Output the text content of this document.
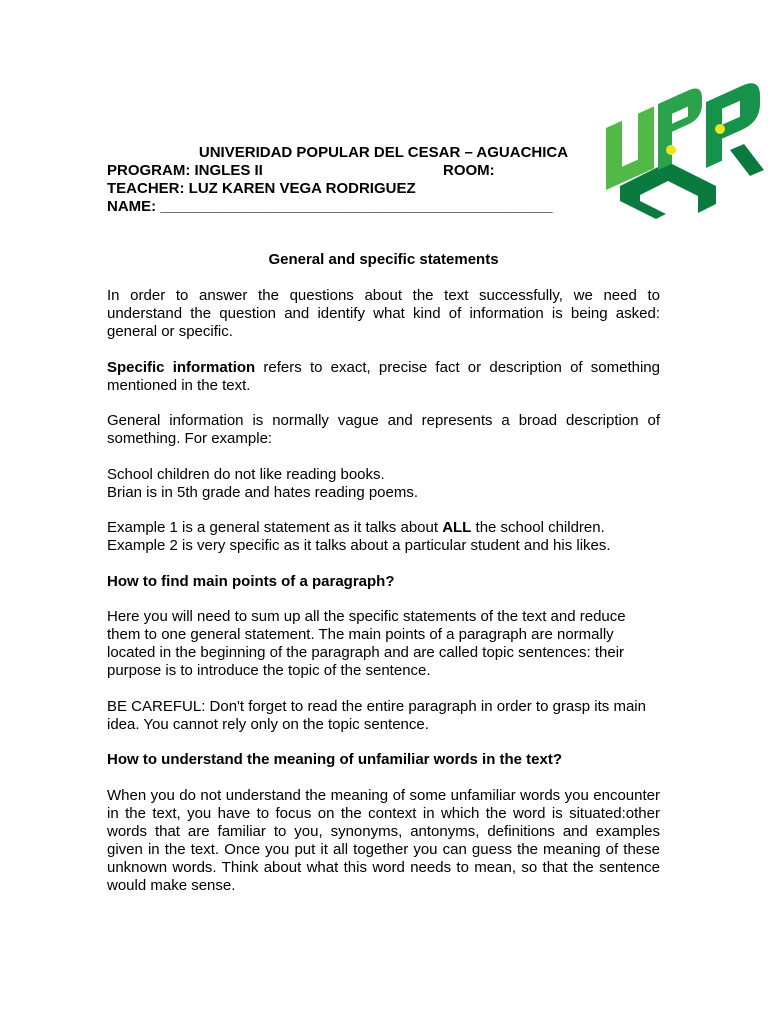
UNIVERIDAD POPULAR DEL CESAR – AGUACHICA
PROGRAM: INGLES II	ROOM:
TEACHER: LUZ KAREN VEGA RODRIGUEZ
NAME: _______________________________________________
General and specific statements
In order to answer the questions about the text successfully, we need to
understand the question and identify what kind of information is being asked:
general or specific.
Specific information refers to exact, precise fact or description of something
mentioned in the text.
General information is normally vague and represents a broad description of
something. For example:
School children do not like reading books.
Brian is in 5th grade and hates reading poems.
Example 1 is a general statement as it talks about ALL the school children.
Example 2 is very specific as it talks about a particular student and his likes.
How to find main points of a paragraph?
Here you will need to sum up all the specific statements of the text and reduce
them to one general statement. The main points of a paragraph are normally
located in the beginning of the paragraph and are called topic sentences: their
purpose is to introduce the topic of the sentence.
BE CAREFUL: Don't forget to read the entire paragraph in order to grasp its main
idea. You cannot rely only on the topic sentence.
How to understand the meaning of unfamiliar words in the text?
When you do not understand the meaning of some unfamiliar words you encounter
in the text, you have to focus on the context in which the word is situated:other
words that are familiar to you, synonyms, antonyms, definitions and examples
given in the text. Once you put it all together you can guess the meaning of these
unknown words. Think about what this word needs to mean, so that the sentence
would make sense.
